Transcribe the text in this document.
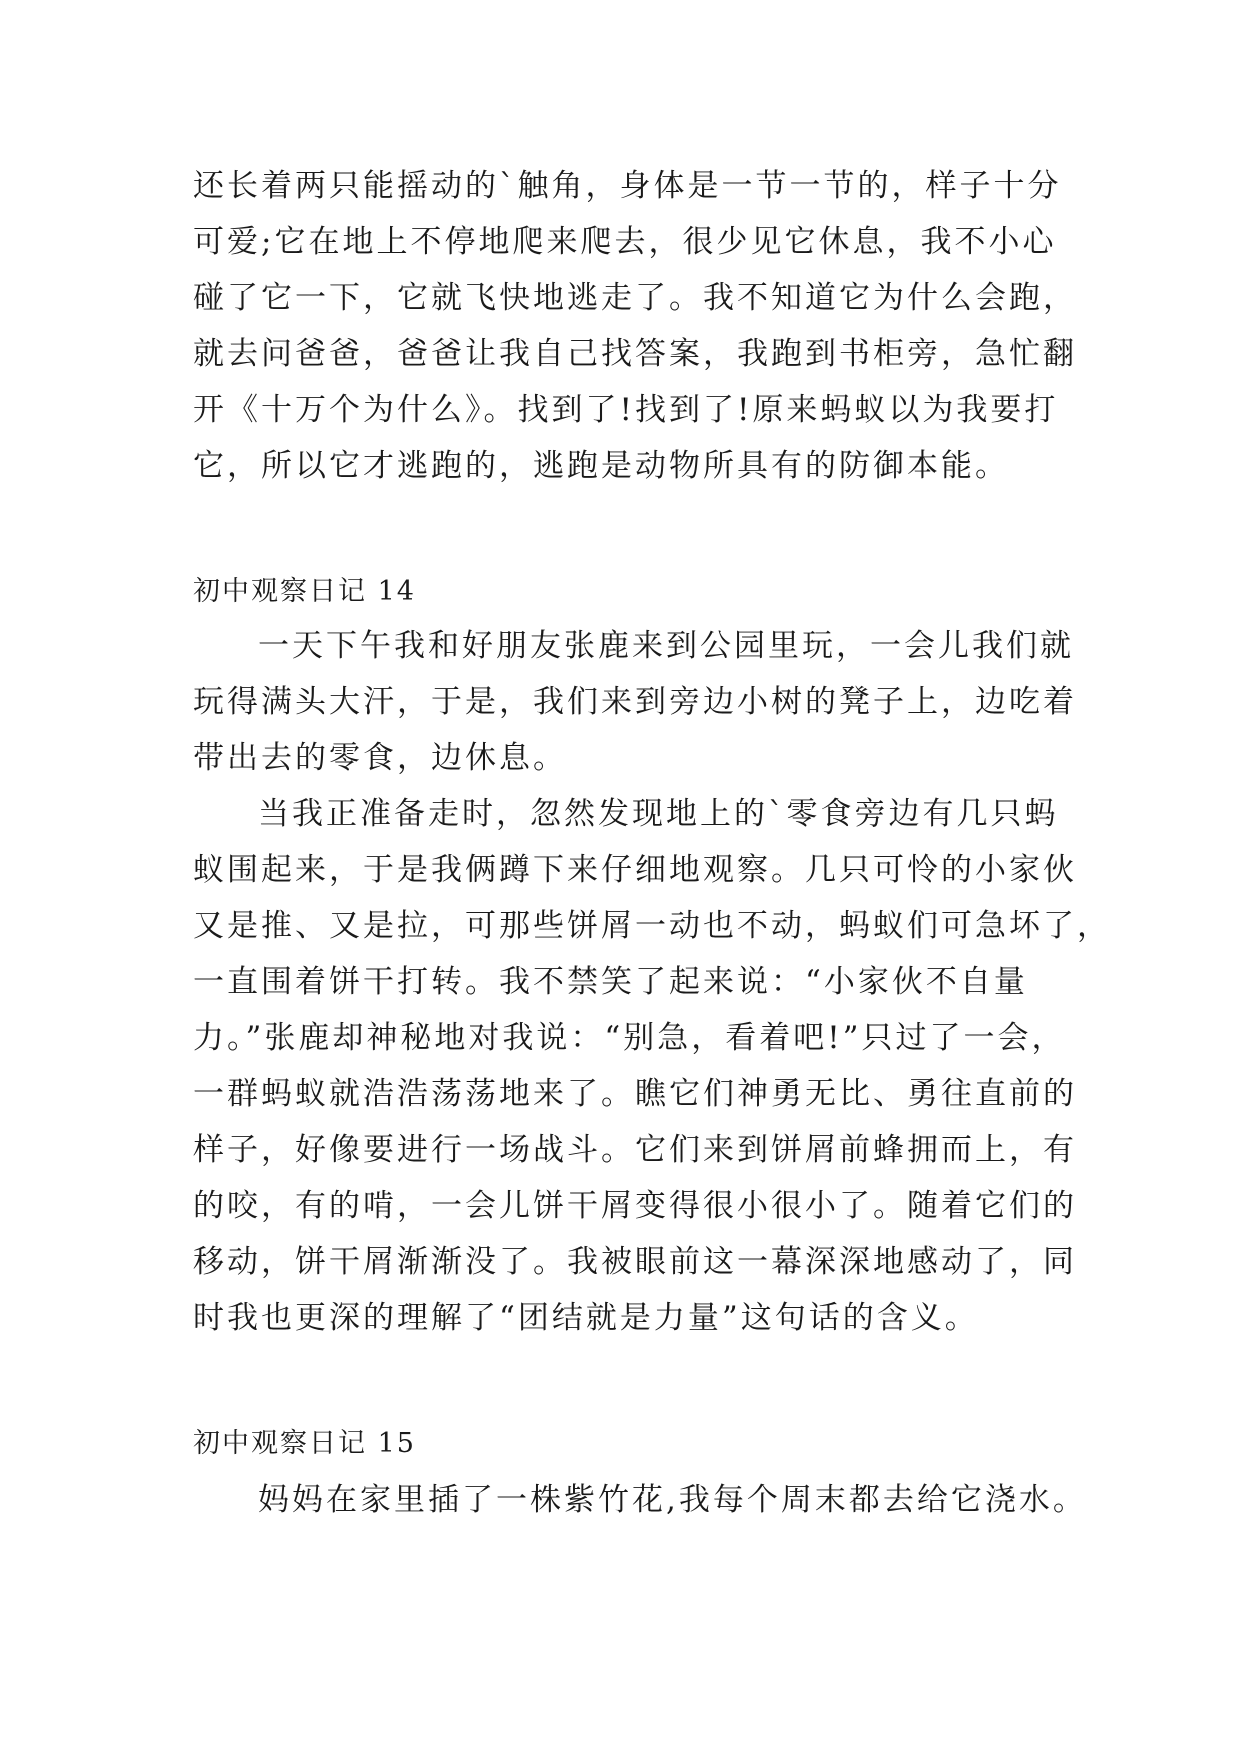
还长着两只能摇动的`触角，身体是一节一节的，样子十分
可爱;它在地上不停地爬来爬去，很少见它休息，我不小心
碰了它一下，它就飞快地逃走了。我不知道它为什么会跑，
就去问爸爸，爸爸让我自己找答案，我跑到书柜旁，急忙翻
开《十万个为什么》。找到了!找到了!原来蚂蚁以为我要打
它，所以它才逃跑的，逃跑是动物所具有的防御本能。
初中观察日记 14
一天下午我和好朋友张鹿来到公园里玩，一会儿我们就
玩得满头大汗，于是，我们来到旁边小树的凳子上，边吃着
带出去的零食，边休息。
当我正准备走时，忽然发现地上的`零食旁边有几只蚂
蚁围起来，于是我俩蹲下来仔细地观察。几只可怜的小家伙
又是推、又是拉，可那些饼屑一动也不动，蚂蚁们可急坏了，
一直围着饼干打转。我不禁笑了起来说：“小家伙不自量
力。”张鹿却神秘地对我说：“别急，看着吧!”只过了一会，
一群蚂蚁就浩浩荡荡地来了。瞧它们神勇无比、勇往直前的
样子，好像要进行一场战斗。它们来到饼屑前蜂拥而上，有
的咬，有的啃，一会儿饼干屑变得很小很小了。随着它们的
移动，饼干屑渐渐没了。我被眼前这一幕深深地感动了，同
时我也更深的理解了“团结就是力量”这句话的含义。
初中观察日记 15
妈妈在家里插了一株紫竹花,我每个周末都去给它浇水。
